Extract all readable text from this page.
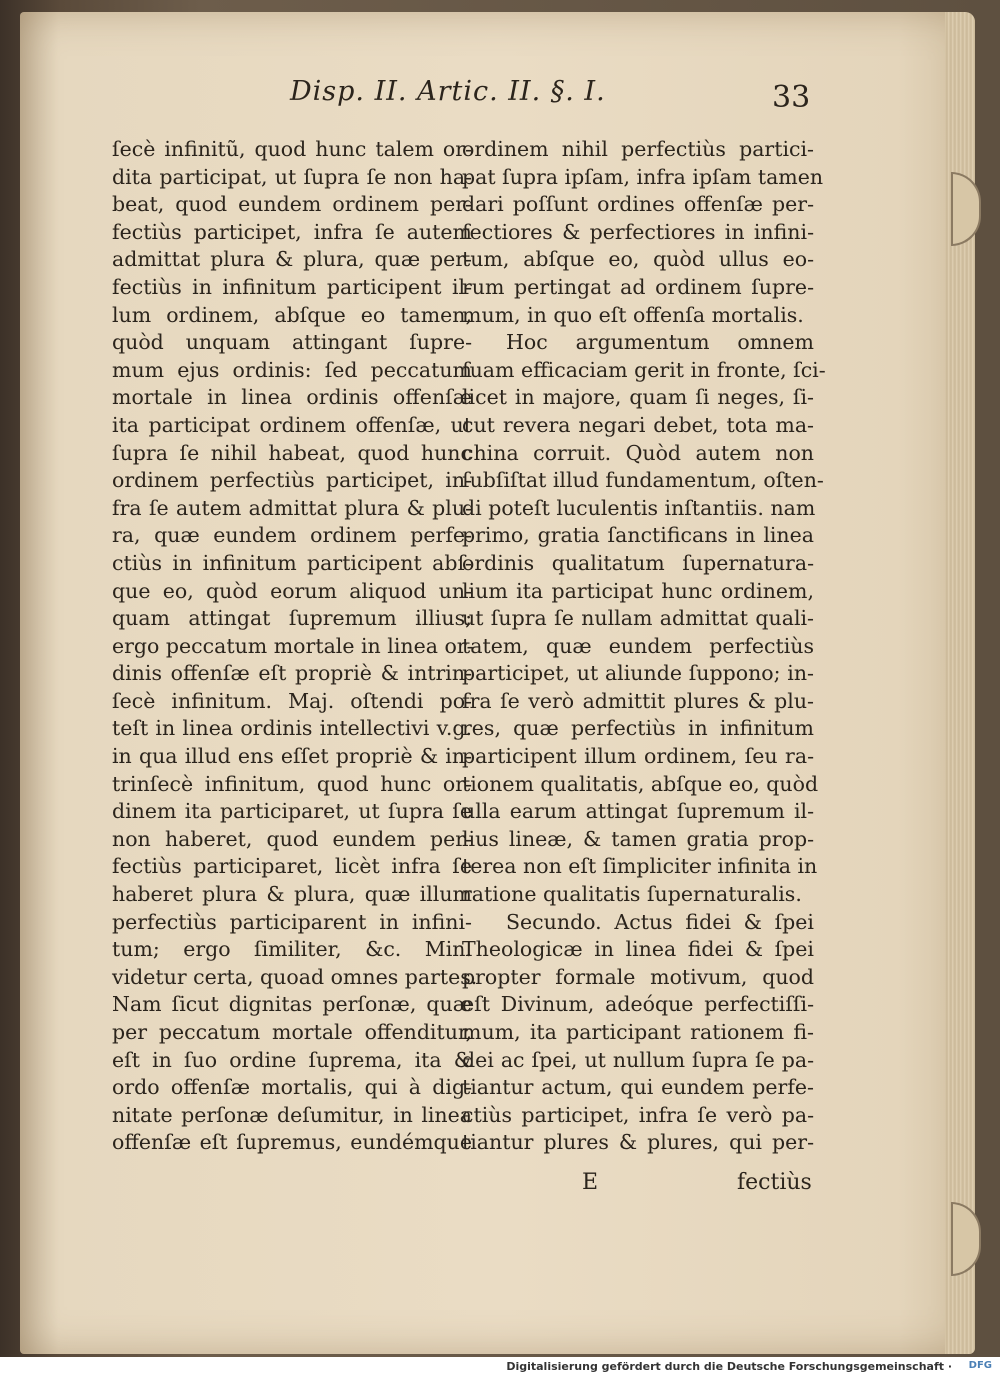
Disp. II. Artic. II. §. I.	33
ſecè infinitũ, quod hunc talem or-
dita participat, ut ſupra ſe non ha-
beat, quod eundem ordinem per-
fectiùs participet, infra ſe autem
admittat plura & plura, quæ per-
fectiùs in infinitum participent il-
lum ordinem, abſque eo tamen,
quòd unquam attingant ſupre-
mum ejus ordinis: ſed peccatum
mortale in linea ordinis offenſæ
ita participat ordinem offenſæ, ut
ſupra ſe nihil habeat, quod hunc
ordinem perfectiùs participet, in-
fra ſe autem admittat plura & plu-
ra, quæ eundem ordinem perfe-
ctiùs in infinitum participent abſ-
que eo, quòd eorum aliquod un-
quam attingat ſupremum illius;
ergo peccatum mortale in linea or-
dinis offenſæ eſt propriè & intrin-
ſecè infinitum. Maj. oſtendi po-
teſt in linea ordinis intellectivi v.g.
in qua illud ens eſſet propriè & in-
trinſecè infinitum, quod hunc or-
dinem ita participaret, ut ſupra ſe
non haberet, quod eundem per-
fectiùs participaret, licèt infra ſe
haberet plura & plura, quæ illum
perfectiùs participarent in infini-
tum; ergo ſimiliter, &c. Min.
videtur certa, quoad omnes partes.
Nam ſicut dignitas perſonæ, quæ
per peccatum mortale offenditur,
eſt in ſuo ordine ſuprema, ita &
ordo offenſæ mortalis, qui à dig-
nitate perſonæ deſumitur, in linea
offenſæ eſt ſupremus, eundémque
ordinem nihil perfectiùs partici-
pat ſupra ipſam, infra ipſam tamen
dari poſſunt ordines offenſæ per-
fectiores & perfectiores in infini-
tum, abſque eo, quòd ullus eo-
rum pertingat ad ordinem ſupre-
mum, in quo eſt offenſa mortalis.
Hoc argumentum omnem
ſuam efficaciam gerit in fronte, ſci-
licet in majore, quam ſi neges, ſi-
cut revera negari debet, tota ma-
china corruit. Quòd autem non
ſubſiſtat illud fundamentum, oſten-
di poteſt luculentis inſtantiis. nam
primo, gratia ſanctificans in linea
ordinis qualitatum ſupernatura-
lium ita participat hunc ordinem,
ut ſupra ſe nullam admittat quali-
tatem, quæ eundem perfectiùs
participet, ut aliunde ſuppono; in-
fra ſe verò admittit plures & plu-
res, quæ perfectiùs in infinitum
participent illum ordinem, ſeu ra-
tionem qualitatis, abſque eo, quòd
ulla earum attingat ſupremum il-
lius lineæ, & tamen gratia prop-
terea non eſt ſimpliciter infinita in
ratione qualitatis ſupernaturalis.
Secundo. Actus fidei & ſpei
Theologicæ in linea fidei & ſpei
propter formale motivum, quod
eſt Divinum, adeóque perfectiſſi-
mum, ita participant rationem fi-
dei ac ſpei, ut nullum ſupra ſe pa-
tiantur actum, qui eundem perfe-
ctiùs participet, infra ſe verò pa-
tiantur plures & plures, qui per-
E	fectiùs
Digitalisierung gefördert durch die Deutsche Forschungsgemeinschaft · DFG
